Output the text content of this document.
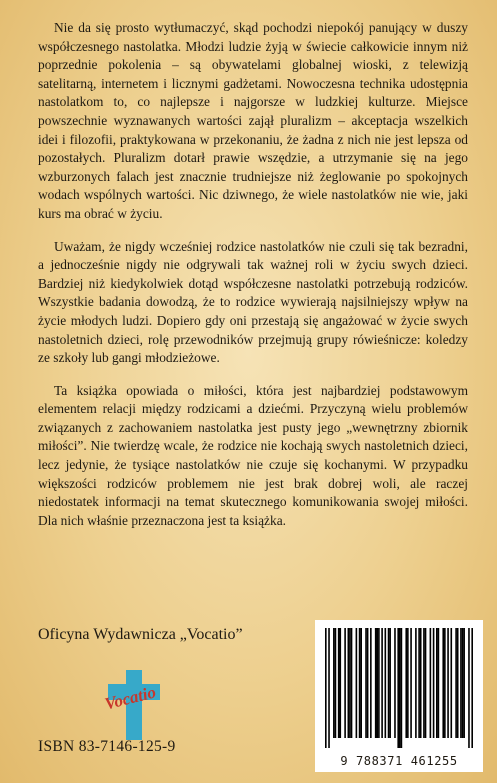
Nie da się prosto wytłumaczyć, skąd pochodzi niepokój panujący w duszy współczesnego nastolatka. Młodzi ludzie żyją w świecie całkowicie innym niż poprzednie pokolenia – są obywatelami globalnej wioski, z telewizją satelitarną, internetem i licznymi gadżetami. Nowoczesna technika udostępnia nastolatkom to, co najlepsze i najgorsze w ludzkiej kulturze. Miejsce powszechnie wyznawanych wartości zajął pluralizm – akceptacja wszelkich idei i filozofii, praktykowana w przekonaniu, że żadna z nich nie jest lepsza od pozostałych. Pluralizm dotarł prawie wszędzie, a utrzymanie się na jego wzburzonych falach jest znacznie trudniejsze niż żeglowanie po spokojnych wodach wspólnych wartości. Nic dziwnego, że wiele nastolatków nie wie, jaki kurs ma obrać w życiu.

Uważam, że nigdy wcześniej rodzice nastolatków nie czuli się tak bezradni, a jednocześnie nigdy nie odgrywali tak ważnej roli w życiu swych dzieci. Bardziej niż kiedykolwiek dotąd współczesne nastolatki potrzebują rodziców. Wszystkie badania dowodzą, że to rodzice wywierają najsilniejszy wpływ na życie młodych ludzi. Dopiero gdy oni przestają się angażować w życie swych nastoletnich dzieci, rolę przewodników przejmują grupy rówieśnicze: koledzy ze szkoły lub gangi młodzieżowe.

Ta książka opowiada o miłości, która jest najbardziej podstawowym elementem relacji między rodzicami a dziećmi. Przyczyną wielu problemów związanych z zachowaniem nastolatka jest pusty jego „wewnętrzny zbiornik miłości”. Nie twierdzę wcale, że rodzice nie kochają swych nastoletnich dzieci, lecz jedynie, że tysiące nastolatków nie czuje się kochanymi. W przypadku większości rodziców problemem nie jest brak dobrej woli, ale raczej niedostatek informacji na temat skutecznego komunikowania swojej miłości. Dla nich właśnie przeznaczona jest ta książka.

Oficyna Wydawnicza „Vocatio”
Vocatio
ISBN 83-7146-125-9
9 788371 461255
